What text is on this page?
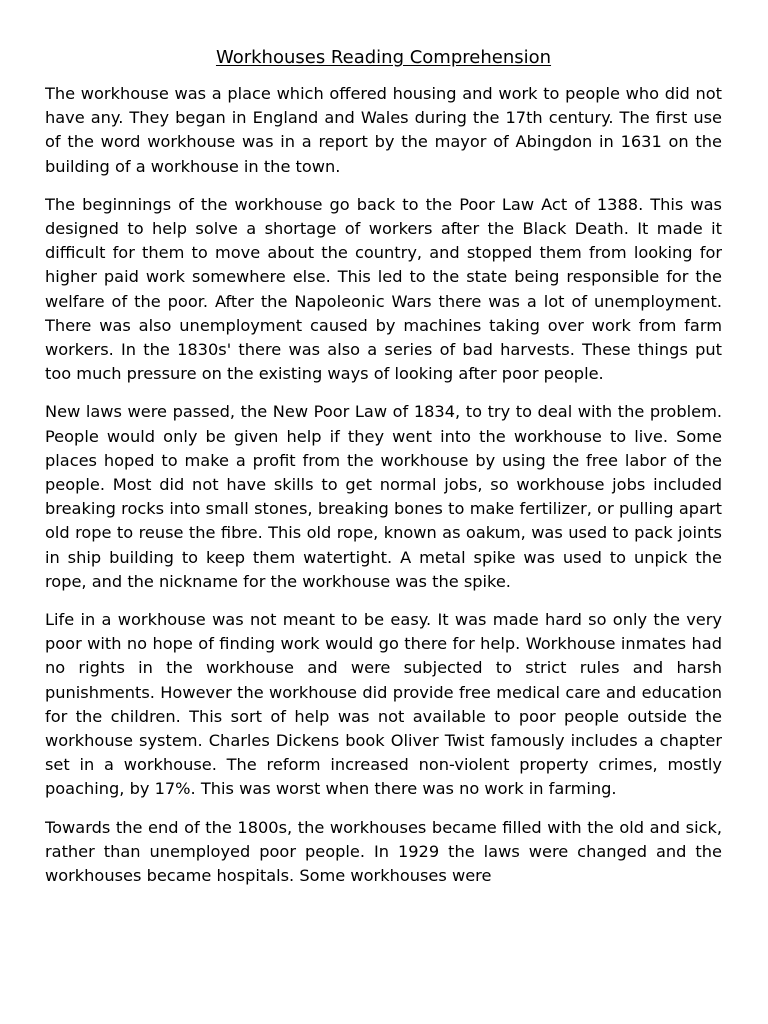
Workhouses Reading Comprehension

The workhouse was a place which offered housing and work to people who did not have any. They began in England and Wales during the 17th century. The first use of the word workhouse was in a report by the mayor of Abingdon in 1631 on the building of a workhouse in the town.

The beginnings of the workhouse go back to the Poor Law Act of 1388. This was designed to help solve a shortage of workers after the Black Death. It made it difficult for them to move about the country, and stopped them from looking for higher paid work somewhere else. This led to the state being responsible for the welfare of the poor. After the Napoleonic Wars there was a lot of unemployment. There was also unemployment caused by machines taking over work from farm workers. In the 1830s' there was also a series of bad harvests. These things put too much pressure on the existing ways of looking after poor people.

New laws were passed, the New Poor Law of 1834, to try to deal with the problem. People would only be given help if they went into the workhouse to live. Some places hoped to make a profit from the workhouse by using the free labor of the people. Most did not have skills to get normal jobs, so workhouse jobs included breaking rocks into small stones, breaking bones to make fertilizer, or pulling apart old rope to reuse the fibre. This old rope, known as oakum, was used to pack joints in ship building to keep them watertight. A metal spike was used to unpick the rope, and the nickname for the workhouse was the spike.

Life in a workhouse was not meant to be easy. It was made hard so only the very poor with no hope of finding work would go there for help. Workhouse inmates had no rights in the workhouse and were subjected to strict rules and harsh punishments. However the workhouse did provide free medical care and education for the children. This sort of help was not available to poor people outside the workhouse system. Charles Dickens book Oliver Twist famously includes a chapter set in a workhouse. The reform increased non-violent property crimes, mostly poaching, by 17%. This was worst when there was no work in farming.

Towards the end of the 1800s, the workhouses became filled with the old and sick, rather than unemployed poor people. In 1929 the laws were changed and the workhouses became hospitals. Some workhouses were
